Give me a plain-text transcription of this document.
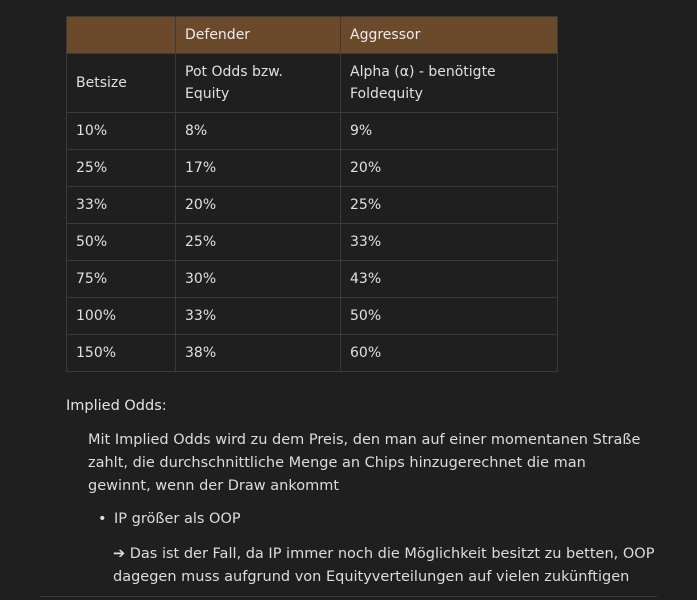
	Defender	Aggressor
Betsize	Pot Odds bzw. Equity	Alpha (α) - benötigte Foldequity
10%	8%	9%
25%	17%	20%
33%	20%	25%
50%	25%	33%
75%	30%	43%
100%	33%	50%
150%	38%	60%
Implied Odds:
Mit Implied Odds wird zu dem Preis, den man auf einer momentanen Straße zahlt, die durchschnittliche Menge an Chips hinzugerechnet die man gewinnt, wenn der Draw ankommt
• IP größer als OOP
➔ Das ist der Fall, da IP immer noch die Möglichkeit besitzt zu betten, OOP dagegen muss aufgrund von Equityverteilungen auf vielen zukünftigen
